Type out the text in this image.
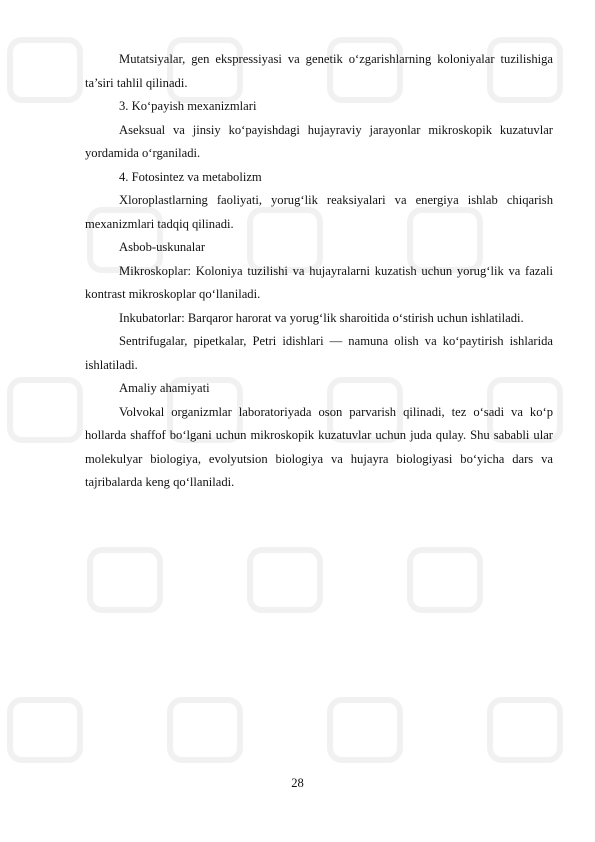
Mutatsiyalar, gen ekspressiyasi va genetik o‘zgarishlarning koloniyalar tuzilishiga ta’siri tahlil qilinadi.

3. Ko‘payish mexanizmlari

Aseksual va jinsiy ko‘payishdagi hujayraviy jarayonlar mikroskopik kuzatuvlar yordamida o‘rganiladi.

4. Fotosintez va metabolizm

Xloroplastlarning faoliyati, yorug‘lik reaksiyalari va energiya ishlab chiqarish mexanizmlari tadqiq qilinadi.

Asbob-uskunalar

Mikroskoplar: Koloniya tuzilishi va hujayralarni kuzatish uchun yorug‘lik va fazali kontrast mikroskoplar qo‘llaniladi.

Inkubatorlar: Barqaror harorat va yorug‘lik sharoitida o‘stirish uchun ishlatiladi.

Sentrifugalar, pipetkalar, Petri idishlari — namuna olish va ko‘paytirish ishlarida ishlatiladi.

Amaliy ahamiyati

Volvokal organizmlar laboratoriyada oson parvarish qilinadi, tez o‘sadi va ko‘p hollarda shaffof bo‘lgani uchun mikroskopik kuzatuvlar uchun juda qulay. Shu sababli ular molekulyar biologiya, evolyutsion biologiya va hujayra biologiyasi bo‘yicha dars va tajribalarda keng qo‘llaniladi.

28
